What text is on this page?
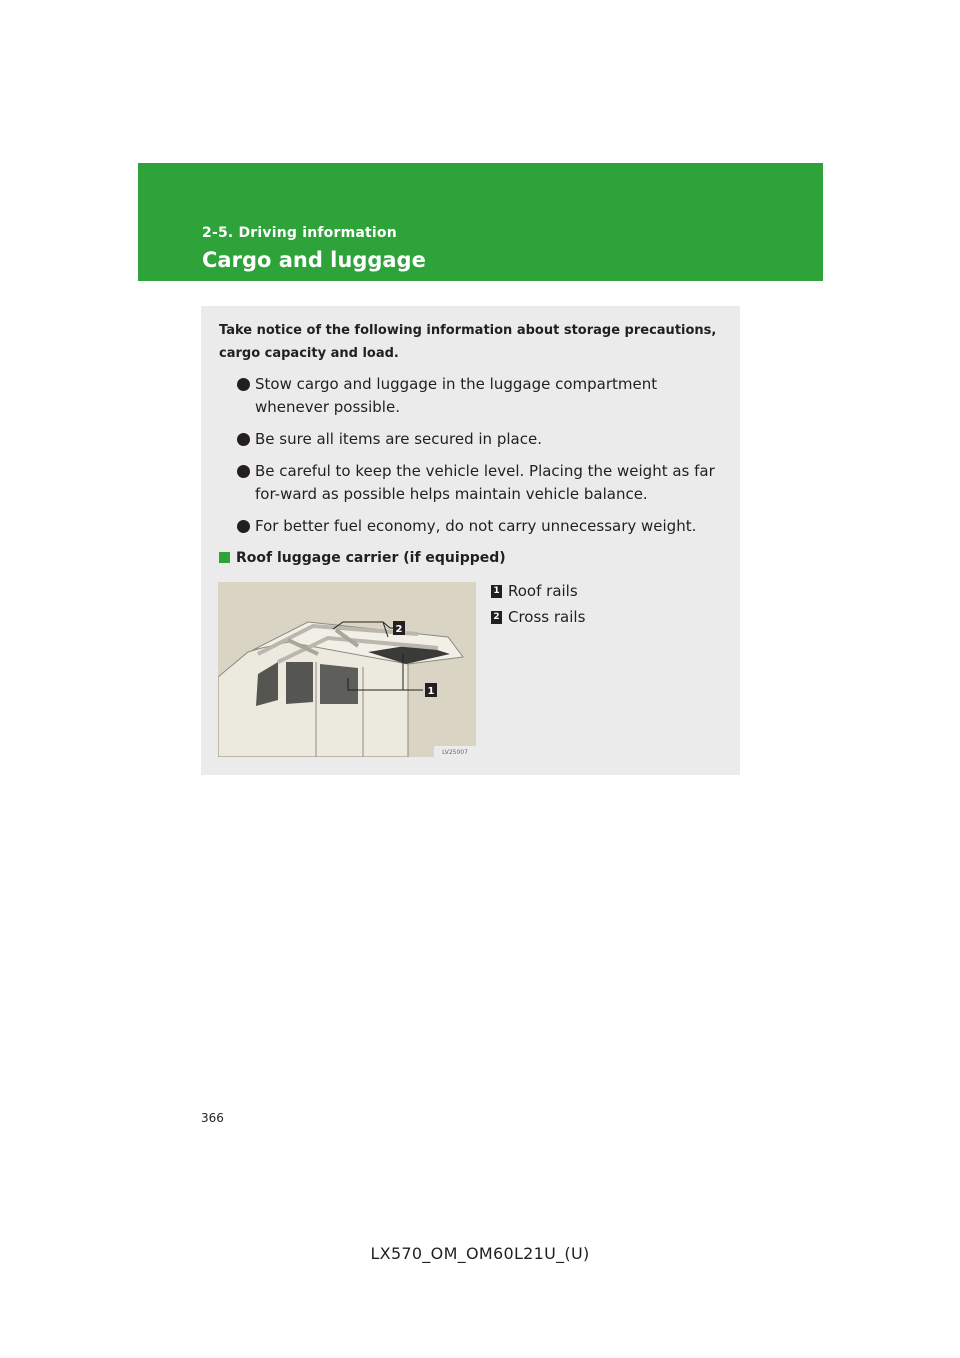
2-5. Driving information
Cargo and luggage
Take notice of the following information about storage precautions, cargo capacity and load.
Stow cargo and luggage in the luggage compartment whenever possible.
Be sure all items are secured in place.
Be careful to keep the vehicle level. Placing the weight as far for-ward as possible helps maintain vehicle balance.
For better fuel economy, do not carry unnecessary weight.
Roof luggage carrier (if equipped)
2
1
LV25007
1 Roof rails
2 Cross rails
366
LX570_OM_OM60L21U_(U)
